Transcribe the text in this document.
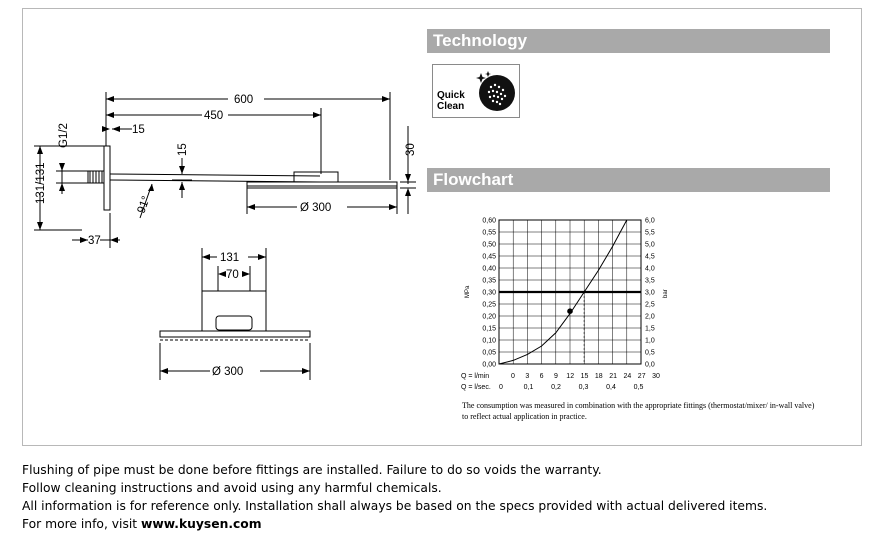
600
450
15
15	30
G1/2
131/131
37
91°	Ø 300
131
70
Ø 300
Technology
Quick
Clean
Flowchart
0,60
0,55
0,50
0,45
0,40
0,35
0,30
0,25
0,20
0,15
0,10
0,05
0,00
6,0
5,5
5,0
4,5
4,0
3,5
3,0
2,5
2,0
1,5
1,0
0,5
0,0
MPa	bar
Q = l/min	0 3 6 9 12 15 18 21 24 27 30
Q = l/sec. 0	0,1	0,2	0,3	0,4	0,5
The consumption was measured in combination with the appropriate fittings (thermostat/mixer/ in-wall valve) to reflect actual application in practice.

Flushing of pipe must be done before fittings are installed. Failure to do so voids the warranty.

Follow cleaning instructions and avoid using any harmful chemicals.

All information is for reference only. Installation shall always be based on the specs provided with actual delivered items.

For more info, visit www.kuysen.com
